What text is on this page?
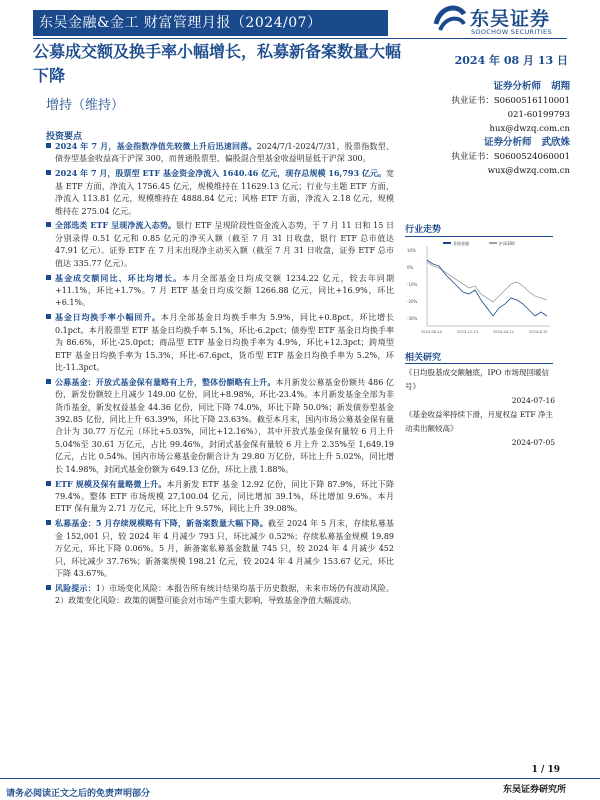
东吴金融&金工 财富管理月报（2024/07）	东吴证券
SOOCHOW SECURITIES
公募成交额及换手率小幅增长，私募新备案数量大幅下降
2024 年 08 月 13 日
增持（维持）
证券分析师 胡翔
执业证书：S0600516110001
021-60199793
hux@dwzq.com.cn
证券分析师 武欣姝
执业证书：S0600524060001
wux@dwzq.com.cn
投资要点
2024 年 7 月，基金指数净值先较微上升后迅速回落。2024/7/1-2024/7/31，股票指数型、债券型基金收益高于沪深 300，而普通股票型、偏股混合型基金收益明显低于沪深 300。
2024 年 7 月，股票型 ETF 基金资金净流入 1640.46 亿元，现存总规模 16,793 亿元。宽基 ETF 方面，净流入 1756.45 亿元，规模维持在 11629.13 亿元；行业与主题 ETF 方面，净流入 113.81 亿元，规模维持在 4888.84 亿元；风格 ETF 方面，净流入 2.18 亿元，规模维持在 275.04 亿元。
全部选类 ETF 呈现净流入态势。银行 ETF 呈现阶段性资金流入态势，于 7 月 11 日和 15 日分别录得 0.51 亿元和 0.85 亿元的净买入额（截至 7 月 31 日收盘，银行 ETF 总市值达 47.91 亿元）。证券 ETF 在 7 月末出现净主动买入额（截至 7 月 31 日收盘，证券 ETF 总市值达 335.77 亿元）。
基金成交额同比、环比均增长。本月全部基金日均成交额 1234.22 亿元，较去年同期+11.1%，环比+1.7%。7 月 ETF 基金日均成交额 1266.88 亿元，同比+16.9%，环比+6.1%。
基金日均换手率小幅回升。本月全部基金日均换手率为 5.9%，同比+0.8pct，环比增长 0.1pct。本月股票型 ETF 基金日均换手率 5.1%，环比-6.2pct；债券型 ETF 基金日均换手率为 86.6%，环比-25.0pct；商品型 ETF 基金日均换手率为 4.9%，环比+12.3pct；跨境型 ETF 基金日均换手率为 15.3%，环比-67.6pct，货币型 ETF 基金日均换手率为 5.2%，环比-11.3pct。
公募基金：开放式基金保有量略有上升，整体份额略有上升。本月新发公募基金份额共 486 亿份，新发份额较上月减少 149.00 亿份，同比+8.98%，环比-23.4%。本月新发基金全部为非货币基金，新发权益基金 44.36 亿份，同比下降 74.0%，环比下降 50.0%；新发债券型基金 392.85 亿份，同比上升 63.39%，环比下降 23.63%。截至本月末，国内市场公募基金保有量合计为 30.77 万亿元（环比+5.03%，同比+12.16%），其中开放式基金保有量较 6 月上升 5.04%至 30.61 万亿元，占比 99.46%，封闭式基金保有量较 6 月上升 2.35%至 1,649.19 亿元，占比 0.54%。国内市场公募基金份额合计为 29.80 万亿份，环比上升 5.02%，同比增长 14.98%，封闭式基金份额为 649.13 亿份，环比上涨 1.88%。
ETF 规模及保有量略微上升。本月新发 ETF 基金 12.92 亿份，同比下降 87.9%，环比下降 79.4%。整体 ETF 市场规模 27,100.04 亿元，同比增加 39.1%，环比增加 9.6%。本月 ETF 保有量为 2.71 万亿元，环比上升 9.57%，同比上升 39.08%。
私募基金：5 月存续规模略有下降，新备案数量大幅下降。截至 2024 年 5 月末，存续私募基金 152,001 只，较 2024 年 4 月减少 793 只，环比减少 0.52%；存续私募基金规模 19.89 万亿元，环比下降 0.06%。5 月，新备案私募基金数量 745 只，较 2024 年 4 月减少 452 只，环比减少 37.76%；新备案规模 198.21 亿元，较 2024 年 4 月减少 153.67 亿元，环比下降 43.67%。
风险提示：1）市场变化风险：本报告所有统计结果均基于历史数据，未来市场仍有波动风险。2）政策变化风险：政策的调整可能会对市场产生重大影响，导致基金净值大幅波动。
行业走势
10%
0%
-10%
-20%
-30%
2023-08-14	2023-12-13	2024-04-12	2024-8-12
非银金融	沪深300
相关研究
《日均股基成交额触底，IPO 市场现回暖信号》
2024-07-16
《基金收益率持续下滑，月度权益 ETF 净主动卖出额较高》
2024-07-05
1 / 19
请务必阅读正文之后的免责声明部分	东吴证券研究所
